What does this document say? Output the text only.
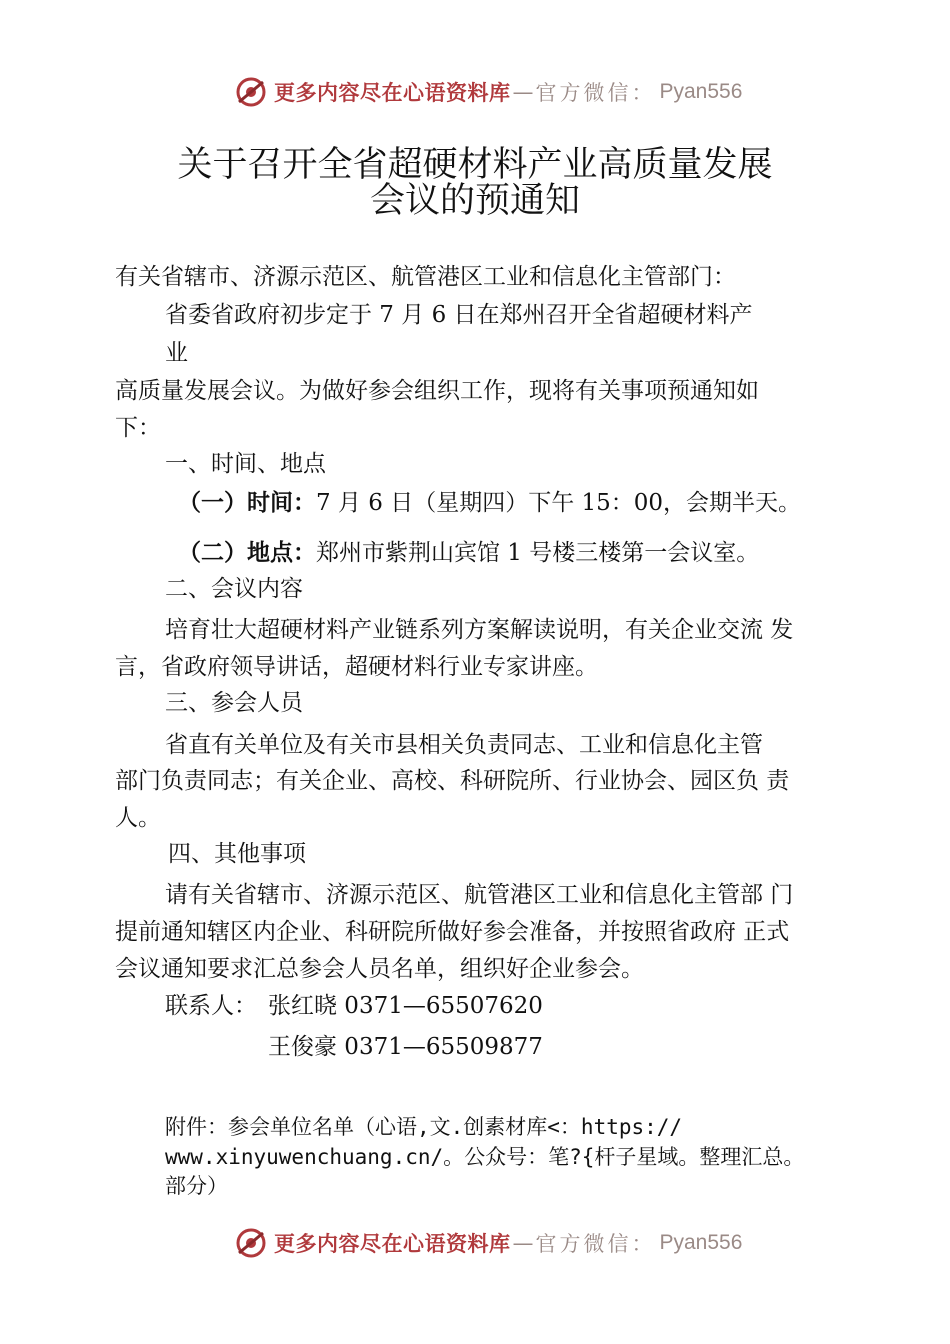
更多内容尽在心语资料库 — 官方微信： Pyan556
关于召开全省超硬材料产业高质量发展
会议的预通知
有关省辖市、济源示范区、航管港区工业和信息化主管部门：
省委省政府初步定于 7 月 6 日在郑州召开全省超硬材料产
业
高质量发展会议。为做好参会组织工作，现将有关事项预通知如
下：
一、时间、地点
（一）时间：7 月 6 日（星期四）下午 15：00，会期半天。
（二）地点：郑州市紫荆山宾馆 1 号楼三楼第一会议室。
二、会议内容
培育壮大超硬材料产业链系列方案解读说明，有关企业交流 发
言，省政府领导讲话，超硬材料行业专家讲座。
三、参会人员
省直有关单位及有关市县相关负责同志、工业和信息化主管
部门负责同志；有关企业、高校、科研院所、行业协会、园区负 责
人。
四、其他事项
请有关省辖市、济源示范区、航管港区工业和信息化主管部 门
提前通知辖区内企业、科研院所做好参会准备，并按照省政府 正式
会议通知要求汇总参会人员名单，组织好企业参会。
联系人： 张红晓 0371—65507620
王俊豪 0371—65509877
附件：参会单位名单（心语,文.创素材库<：https://
www.xinyuwenchuang.cn/。公众号：笔?{杆子星域。整理汇总。
部分）
更多内容尽在心语资料库 — 官方微信： Pyan556
